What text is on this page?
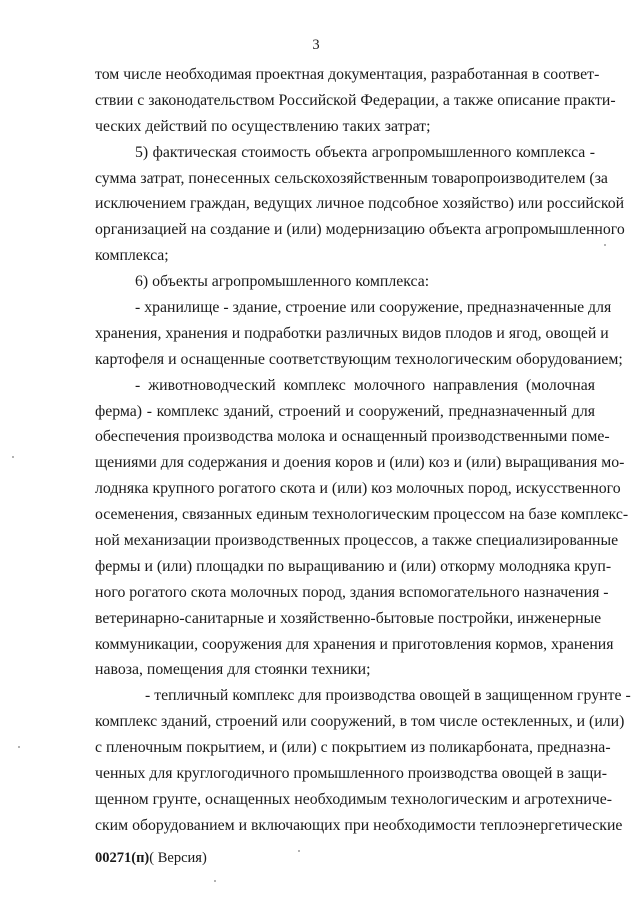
3
том числе необходимая проектная документация, разработанная в соответ-
ствии с законодательством Российской Федерации, а также описание практи-
ческих действий по осуществлению таких затрат;
5) фактическая стоимость объекта агропромышленного комплекса -
сумма затрат, понесенных сельскохозяйственным товаропроизводителем (за
исключением граждан, ведущих личное подсобное хозяйство) или российской
организацией на создание и (или) модернизацию объекта агропромышленного
комплекса;
6) объекты агропромышленного комплекса:
- хранилище - здание, строение или сооружение, предназначенные для
хранения, хранения и подработки различных видов плодов и ягод, овощей и
картофеля и оснащенные соответствующим технологическим оборудованием;
- животноводческий комплекс молочного направления (молочная
ферма) - комплекс зданий, строений и сооружений, предназначенный для
обеспечения производства молока и оснащенный производственными поме-
щениями для содержания и доения коров и (или) коз и (или) выращивания мо-
лодняка крупного рогатого скота и (или) коз молочных пород, искусственного
осеменения, связанных единым технологическим процессом на базе комплекс-
ной механизации производственных процессов, а также специализированные
фермы и (или) площадки по выращиванию и (или) откорму молодняка круп-
ного рогатого скота молочных пород, здания вспомогательного назначения -
ветеринарно-санитарные и хозяйственно-бытовые постройки, инженерные
коммуникации, сооружения для хранения и приготовления кормов, хранения
навоза, помещения для стоянки техники;
- тепличный комплекс для производства овощей в защищенном грунте -
комплекс зданий, строений или сооружений, в том числе остекленных, и (или)
с пленочным покрытием, и (или) с покрытием из поликарбоната, предназна-
ченных для круглогодичного промышленного производства овощей в защи-
щенном грунте, оснащенных необходимым технологическим и агротехниче-
ским оборудованием и включающих при необходимости теплоэнергетические
00271(п)( Версия)
